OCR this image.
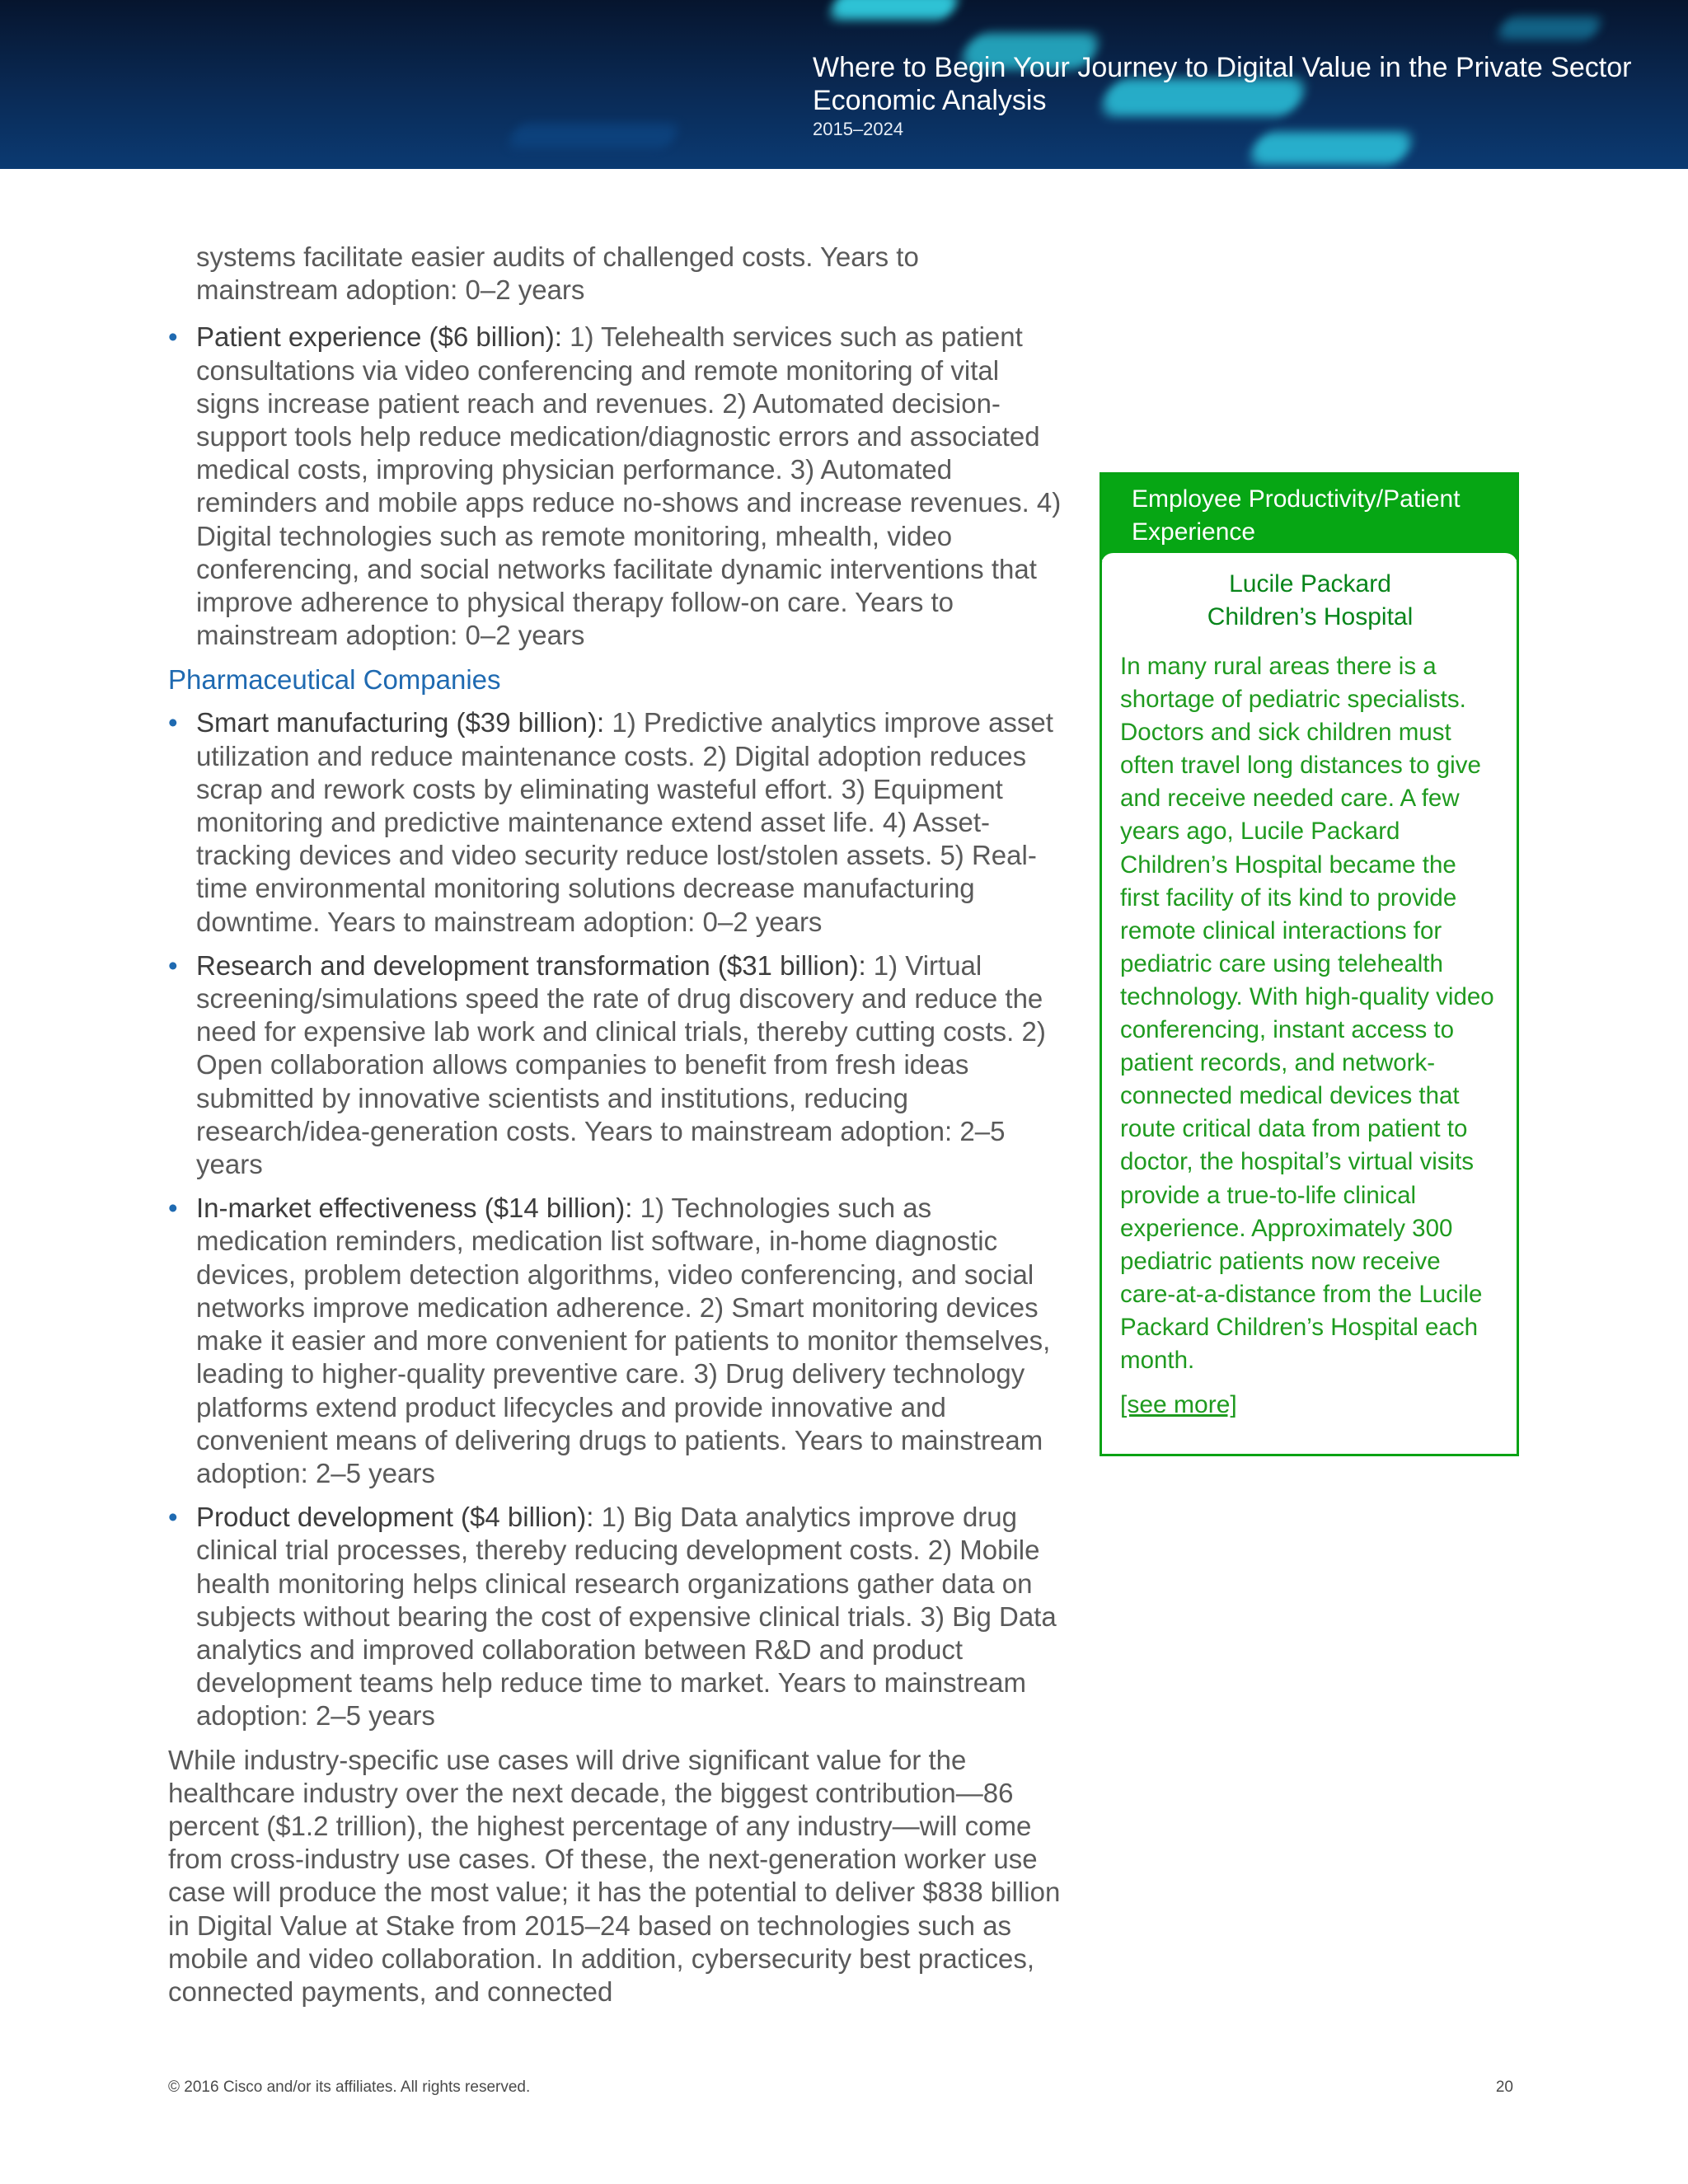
Where to Begin Your Journey to Digital Value in the Private Sector
Economic Analysis
2015–2024

systems facilitate easier audits of challenged costs. Years to mainstream adoption: 0–2 years

• Patient experience ($6 billion): 1) Telehealth services such as patient consultations via video conferencing and remote monitoring of vital signs increase patient reach and revenues. 2) Automated decision-support tools help reduce medication/diagnostic errors and associated medical costs, improving physician performance. 3) Automated reminders and mobile apps reduce no-shows and increase revenues. 4) Digital technologies such as remote monitoring, mhealth, video conferencing, and social networks facilitate dynamic interventions that improve adherence to physical therapy follow-on care. Years to mainstream adoption: 0–2 years
Pharmaceutical Companies
• Smart manufacturing ($39 billion): 1) Predictive analytics improve asset utilization and reduce maintenance costs. 2) Digital adoption reduces scrap and rework costs by eliminating wasteful effort. 3) Equipment monitoring and predictive maintenance extend asset life. 4) Asset-tracking devices and video security reduce lost/stolen assets. 5) Real-time environmental monitoring solutions decrease manufacturing downtime. Years to mainstream adoption: 0–2 years
• Research and development transformation ($31 billion): 1) Virtual screening/simulations speed the rate of drug discovery and reduce the need for expensive lab work and clinical trials, thereby cutting costs. 2) Open collaboration allows companies to benefit from fresh ideas submitted by innovative scientists and institutions, reducing research/idea-generation costs. Years to mainstream adoption: 2–5 years
• In-market effectiveness ($14 billion): 1) Technologies such as medication reminders, medication list software, in-home diagnostic devices, problem detection algorithms, video conferencing, and social networks improve medication adherence. 2) Smart monitoring devices make it easier and more convenient for patients to monitor themselves, leading to higher-quality preventive care. 3) Drug delivery technology platforms extend product lifecycles and provide innovative and convenient means of delivering drugs to patients. Years to mainstream adoption: 2–5 years
• Product development ($4 billion): 1) Big Data analytics improve drug clinical trial processes, thereby reducing development costs. 2) Mobile health monitoring helps clinical research organizations gather data on subjects without bearing the cost of expensive clinical trials. 3) Big Data analytics and improved collaboration between R&D and product development teams help reduce time to market. Years to mainstream adoption: 2–5 years

While industry-specific use cases will drive significant value for the healthcare industry over the next decade, the biggest contribution—86 percent ($1.2 trillion), the highest percentage of any industry—will come from cross-industry use cases. Of these, the next-generation worker use case will produce the most value; it has the potential to deliver $838 billion in Digital Value at Stake from 2015–24 based on technologies such as mobile and video collaboration. In addition, cybersecurity best practices, connected payments, and connected

Employee Productivity/Patient Experience
Lucile Packard
Children’s Hospital

In many rural areas there is a shortage of pediatric specialists. Doctors and sick children must often travel long distances to give and receive needed care. A few years ago, Lucile Packard Children’s Hospital became the first facility of its kind to provide remote clinical interactions for pediatric care using telehealth technology. With high-quality video conferencing, instant access to patient records, and network-connected medical devices that route critical data from patient to doctor, the hospital’s virtual visits provide a true-to-life clinical experience. Approximately 300 pediatric patients now receive care-at-a-distance from the Lucile Packard Children’s Hospital each month.

[see more]
© 2016 Cisco and/or its affiliates. All rights reserved.	20
